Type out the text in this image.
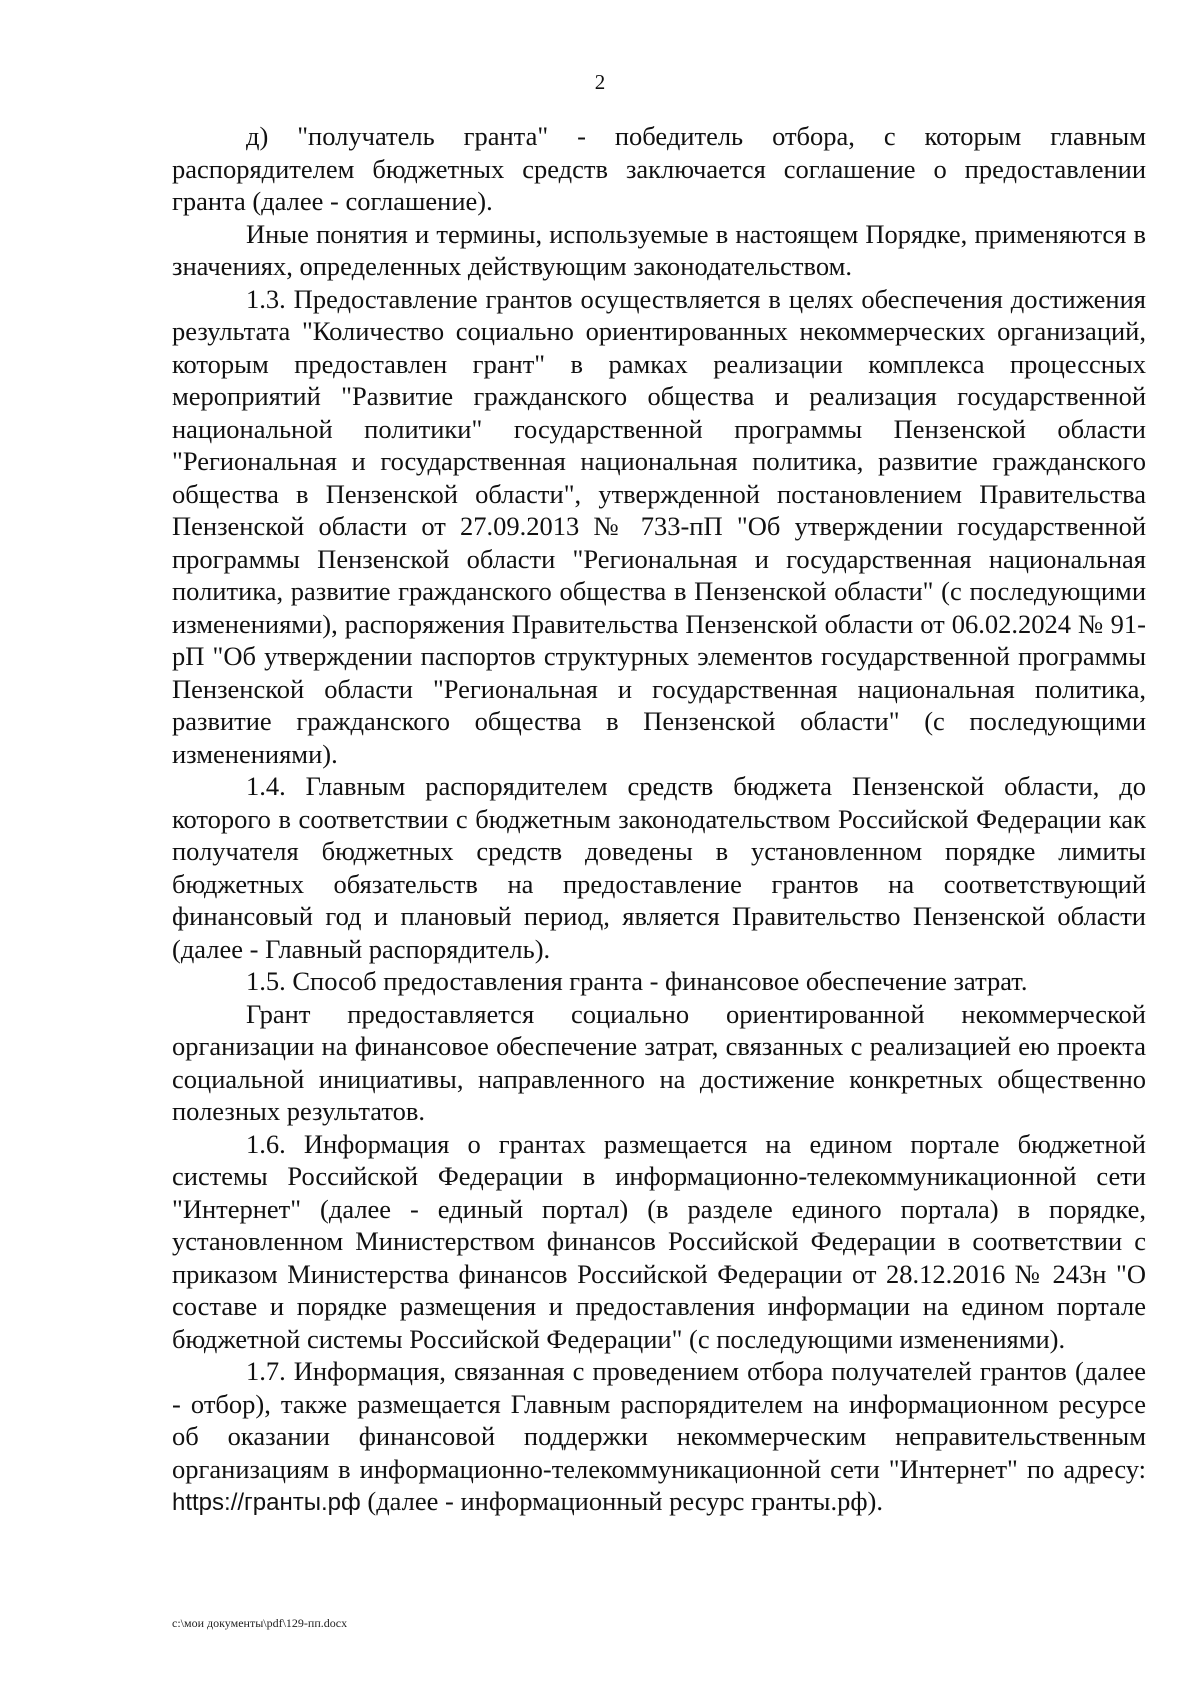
2

д) "получатель гранта" - победитель отбора, с которым главным распорядителем бюджетных средств заключается соглашение о предоставлении гранта (далее - соглашение).

Иные понятия и термины, используемые в настоящем Порядке, применяются в значениях, определенных действующим законодательством.

1.3. Предоставление грантов осуществляется в целях обеспечения достижения результата "Количество социально ориентированных некоммерческих организаций, которым предоставлен грант" в рамках реализации комплекса процессных мероприятий "Развитие гражданского общества и реализация государственной национальной политики" государственной программы Пензенской области "Региональная и государственная национальная политика, развитие гражданского общества в Пензенской области", утвержденной постановлением Правительства Пензенской области от 27.09.2013 № 733-пП "Об утверждении государственной программы Пензенской области "Региональная и государственная национальная политика, развитие гражданского общества в Пензенской области" (с последующими изменениями), распоряжения Правительства Пензенской области от 06.02.2024 № 91-рП "Об утверждении паспортов структурных элементов государственной программы Пензенской области "Региональная и государственная национальная политика, развитие гражданского общества в Пензенской области" (с последующими изменениями).

1.4. Главным распорядителем средств бюджета Пензенской области, до которого в соответствии с бюджетным законодательством Российской Федерации как получателя бюджетных средств доведены в установленном порядке лимиты бюджетных обязательств на предоставление грантов на соответствующий финансовый год и плановый период, является Правительство Пензенской области (далее - Главный распорядитель).

1.5. Способ предоставления гранта - финансовое обеспечение затрат.

Грант предоставляется социально ориентированной некоммерческой организации на финансовое обеспечение затрат, связанных с реализацией ею проекта социальной инициативы, направленного на достижение конкретных общественно полезных результатов.

1.6. Информация о грантах размещается на едином портале бюджетной системы Российской Федерации в информационно-телекоммуникационной сети "Интернет" (далее - единый портал) (в разделе единого портала) в порядке, установленном Министерством финансов Российской Федерации в соответствии с приказом Министерства финансов Российской Федерации от 28.12.2016 № 243н "О составе и порядке размещения и предоставления информации на едином портале бюджетной системы Российской Федерации" (с последующими изменениями).

1.7. Информация, связанная с проведением отбора получателей грантов (далее - отбор), также размещается Главным распорядителем на информационном ресурсе об оказании финансовой поддержки некоммерческим неправительственным организациям в информационно-телекоммуникационной сети "Интернет" по адресу: https://гранты.рф (далее - информационный ресурс гранты.рф).

c:\мои документы\pdf\129-пп.docx
